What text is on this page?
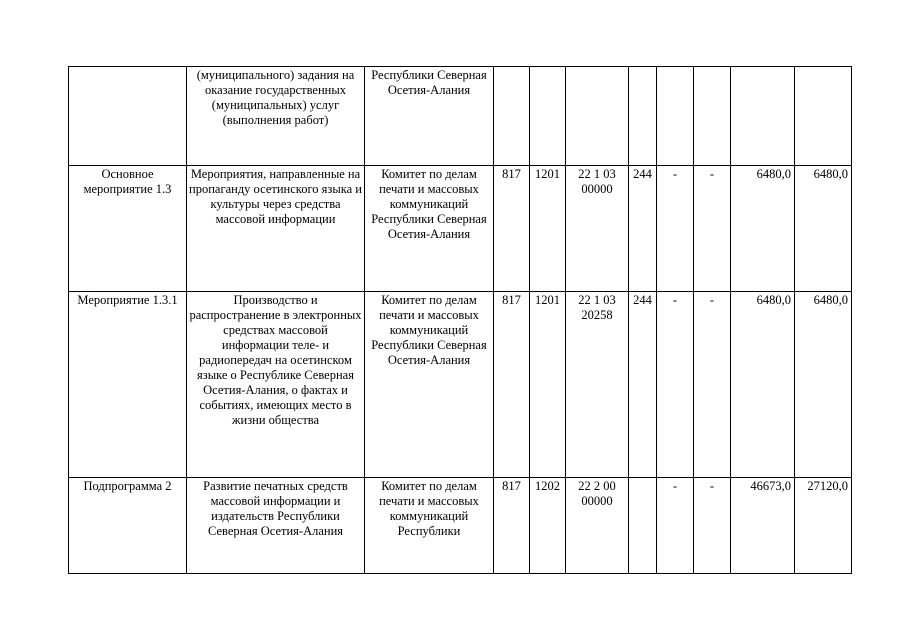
	(муниципального) задания на оказание государственных (муниципальных) услуг (выполнения работ)	Республики Северная Осетия-Алания								
Основное мероприятие 1.3	Мероприятия, направленные на пропаганду осетинского языка и культуры через средства массовой информации	Комитет по делам печати и массовых коммуникаций Республики Северная Осетия-Алания	817	1201	22 1 03 00000	244	-	-	6480,0	6480,0
Мероприятие 1.3.1	Производство и распространение в электронных средствах массовой информации теле- и радиопередач на осетинском языке о Республике Северная Осетия-Алания, о фактах и событиях, имеющих место в жизни общества	Комитет по делам печати и массовых коммуникаций Республики Северная Осетия-Алания	817	1201	22 1 03 20258	244	-	-	6480,0	6480,0
Подпрограмма 2	Развитие печатных средств массовой информации и издательств Республики Северная Осетия-Алания	Комитет по делам печати и массовых коммуникаций Республики	817	1202	22 2 00 00000		-	-	46673,0	27120,0
